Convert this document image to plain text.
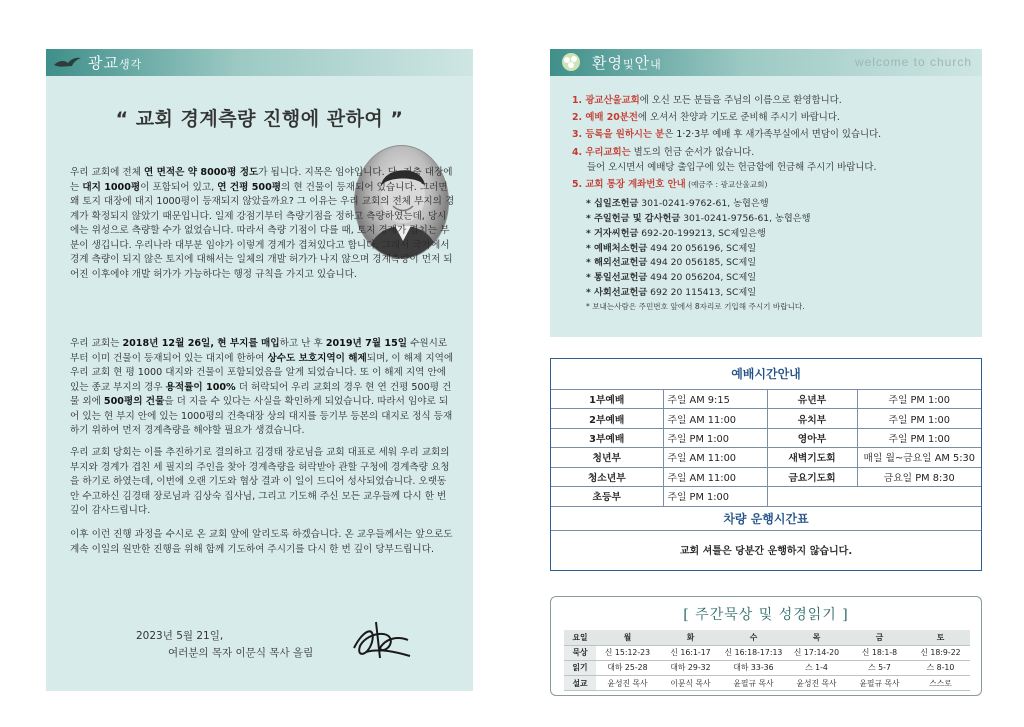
광교생각
“ 교회 경계측량 진행에 관하여 ”
우리 교회에 전체 연 면적은 약 8000평 정도가 됩니다. 지목은 임야입니다. 단, 건축 대장에는 대지 1000평이 포함되어 있고, 연 건평 500평의 현 건물이 등재되어 있습니다. 그러면 왜 토지 대장에 대지 1000평이 등재되지 않았을까요? 그 이유는 우리 교회의 전체 부지의 경계가 확정되지 않았기 때문입니다. 일제 강점기부터 측량기점을 정하고 측량하였는데, 당시에는 위성으로 측량할 수가 없었습니다. 따라서 측량 기점이 다를 때, 토지 경계가 겹치는 부분이 생깁니다. 우리나라 대부분 임야가 이렇게 경계가 겹쳐있다고 합니다. 그래서 국가에서 경계 측량이 되지 않은 토지에 대해서는 일체의 개발 허가가 나지 않으며 경계측량이 먼저 되어진 이후에야 개발 허가가 가능하다는 행정 규칙을 가지고 있습니다.
우리 교회는 2018년 12월 26일, 현 부지를 매입하고 난 후 2019년 7월 15일 수원시로부터 이미 건물이 등재되어 있는 대지에 한하여 상수도 보호지역이 해제되며, 이 해제 지역에 우리 교회 현 평 1000 대지와 건물이 포함되었음을 알게 되었습니다. 또 이 해제 지역 안에 있는 종교 부지의 경우 용적률이 100% 더 허락되어 우리 교회의 경우 현 연 건평 500평 건물 외에 500평의 건물을 더 지을 수 있다는 사실을 확인하게 되었습니다. 따라서 임야로 되어 있는 현 부지 안에 있는 1000평의 건축대장 상의 대지를 등기부 등본의 대지로 정식 등재하기 위하여 먼저 경계측량을 해야할 필요가 생겼습니다.
우리 교회 당회는 이를 추진하기로 결의하고 김경태 장로님을 교회 대표로 세워 우리 교회의 부지와 경계가 겹친 세 필지의 주인을 찾아 경계측량을 허락받아 관할 구청에 경계측량 요청을 하기로 하였는데, 이번에 오랜 기도와 협상 결과 이 일이 드디어 성사되었습니다. 오랫동안 수고하신 김경태 장로님과 김상숙 집사님, 그리고 기도해 주신 모든 교우들께 다시 한 번 깊이 감사드립니다.
이후 이런 진행 과정을 수시로 온 교회 앞에 알리도록 하겠습니다. 온 교우들께서는 앞으로도 계속 이일의 원만한 진행을 위해 함께 기도하여 주시기를 다시 한 번 깊이 당부드립니다.
2023년 5월 21일,
여러분의 목자 이문식 목사 올림
환영및안내	welcome to church
1. 광교산울교회에 오신 모든 분들을 주님의 이름으로 환영합니다.
2. 예배 20분전에 오셔서 찬양과 기도로 준비해 주시기 바랍니다.
3. 등록을 원하시는 분은 1·2·3부 예배 후 새가족부실에서 면담이 있습니다.
4. 우리교회는 별도의 헌금 순서가 없습니다.
들어 오시면서 예배당 출입구에 있는 헌금함에 헌금해 주시기 바랍니다.
5. 교회 통장 계좌번호 안내 (예금주 : 광교산울교회)
* 십일조헌금 301-0241-9762-61, 농협은행
* 주일헌금 및 감사헌금 301-0241-9756-61, 농협은행
* 거자씨헌금 692-20-199213, SC제일은행
* 예배처소헌금 494 20 056196, SC제일
* 해외선교헌금 494 20 056185, SC제일
* 통일선교헌금 494 20 056204, SC제일
* 사회선교헌금 692 20 115413, SC제일
* 보내는사람은 주민번호 앞에서 8자리로 기입해 주시기 바랍니다.
예배시간안내
1부예배	주일 AM 9:15	유년부	주일 PM 1:00
2부예배	주일 AM 11:00	유치부	주일 PM 1:00
3부예배	주일 PM 1:00	영아부	주일 PM 1:00
청년부	주일 AM 11:00	새벽기도회	매일 월~금요일 AM 5:30
청소년부	주일 AM 11:00	금요기도회	금요일 PM 8:30
초등부	주일 PM 1:00		
차량 운행시간표
교회 셔틀은 당분간 운행하지 않습니다.
[ 주간묵상 및 성경읽기 ]
요일	월	화	수	목	금	토
묵상	신 15:12-23	신 16:1-17	신 16:18-17:13	신 17:14-20	신 18:1-8	신 18:9-22
읽기	대하 25-28	대하 29-32	대하 33-36	스 1-4	스 5-7	스 8-10
설교	윤성진 목사	이문식 목사	윤필규 목사	윤성진 목사	윤필규 목사	스스로
